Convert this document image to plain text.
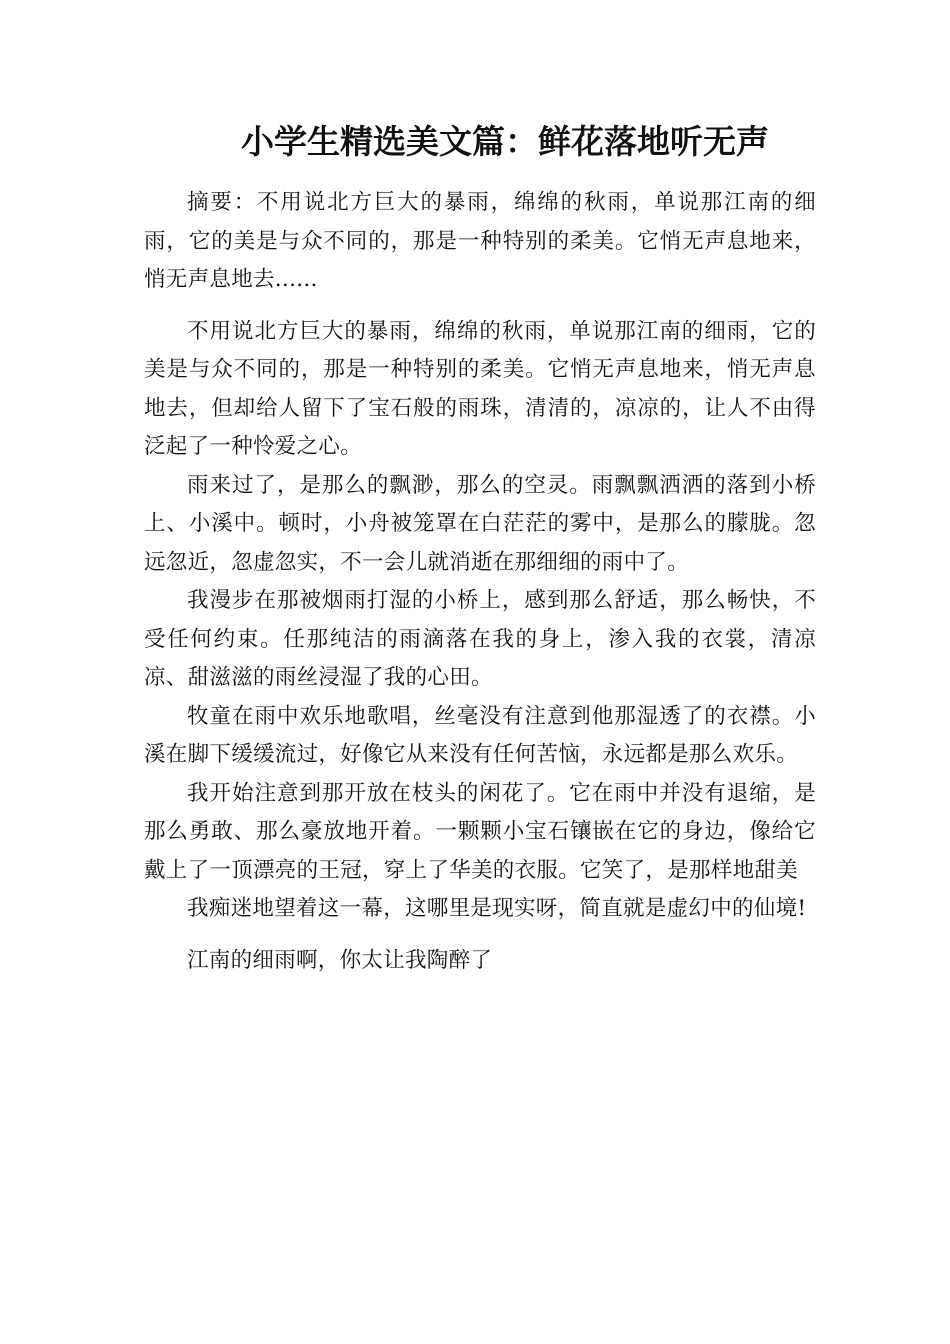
小学生精选美文篇：鲜花落地听无声

摘要：不用说北方巨大的暴雨，绵绵的秋雨，单说那江南的细雨，它的美是与众不同的，那是一种特别的柔美。它悄无声息地来，悄无声息地去......

不用说北方巨大的暴雨，绵绵的秋雨，单说那江南的细雨，它的美是与众不同的，那是一种特别的柔美。它悄无声息地来，悄无声息地去，但却给人留下了宝石般的雨珠，清清的，凉凉的，让人不由得泛起了一种怜爱之心。

雨来过了，是那么的飘渺，那么的空灵。雨飘飘洒洒的落到小桥上、小溪中。顿时，小舟被笼罩在白茫茫的雾中，是那么的朦胧。忽远忽近，忽虚忽实，不一会儿就消逝在那细细的雨中了。

我漫步在那被烟雨打湿的小桥上，感到那么舒适，那么畅快，不受任何约束。任那纯洁的雨滴落在我的身上，渗入我的衣裳，清凉凉、甜滋滋的雨丝浸湿了我的心田。

牧童在雨中欢乐地歌唱，丝毫没有注意到他那湿透了的衣襟。小溪在脚下缓缓流过，好像它从来没有任何苦恼，永远都是那么欢乐。

我开始注意到那开放在枝头的闲花了。它在雨中并没有退缩，是那么勇敢、那么豪放地开着。一颗颗小宝石镶嵌在它的身边，像给它戴上了一顶漂亮的王冠，穿上了华美的衣服。它笑了，是那样地甜美

我痴迷地望着这一幕，这哪里是现实呀，简直就是虚幻中的仙境!

江南的细雨啊，你太让我陶醉了
